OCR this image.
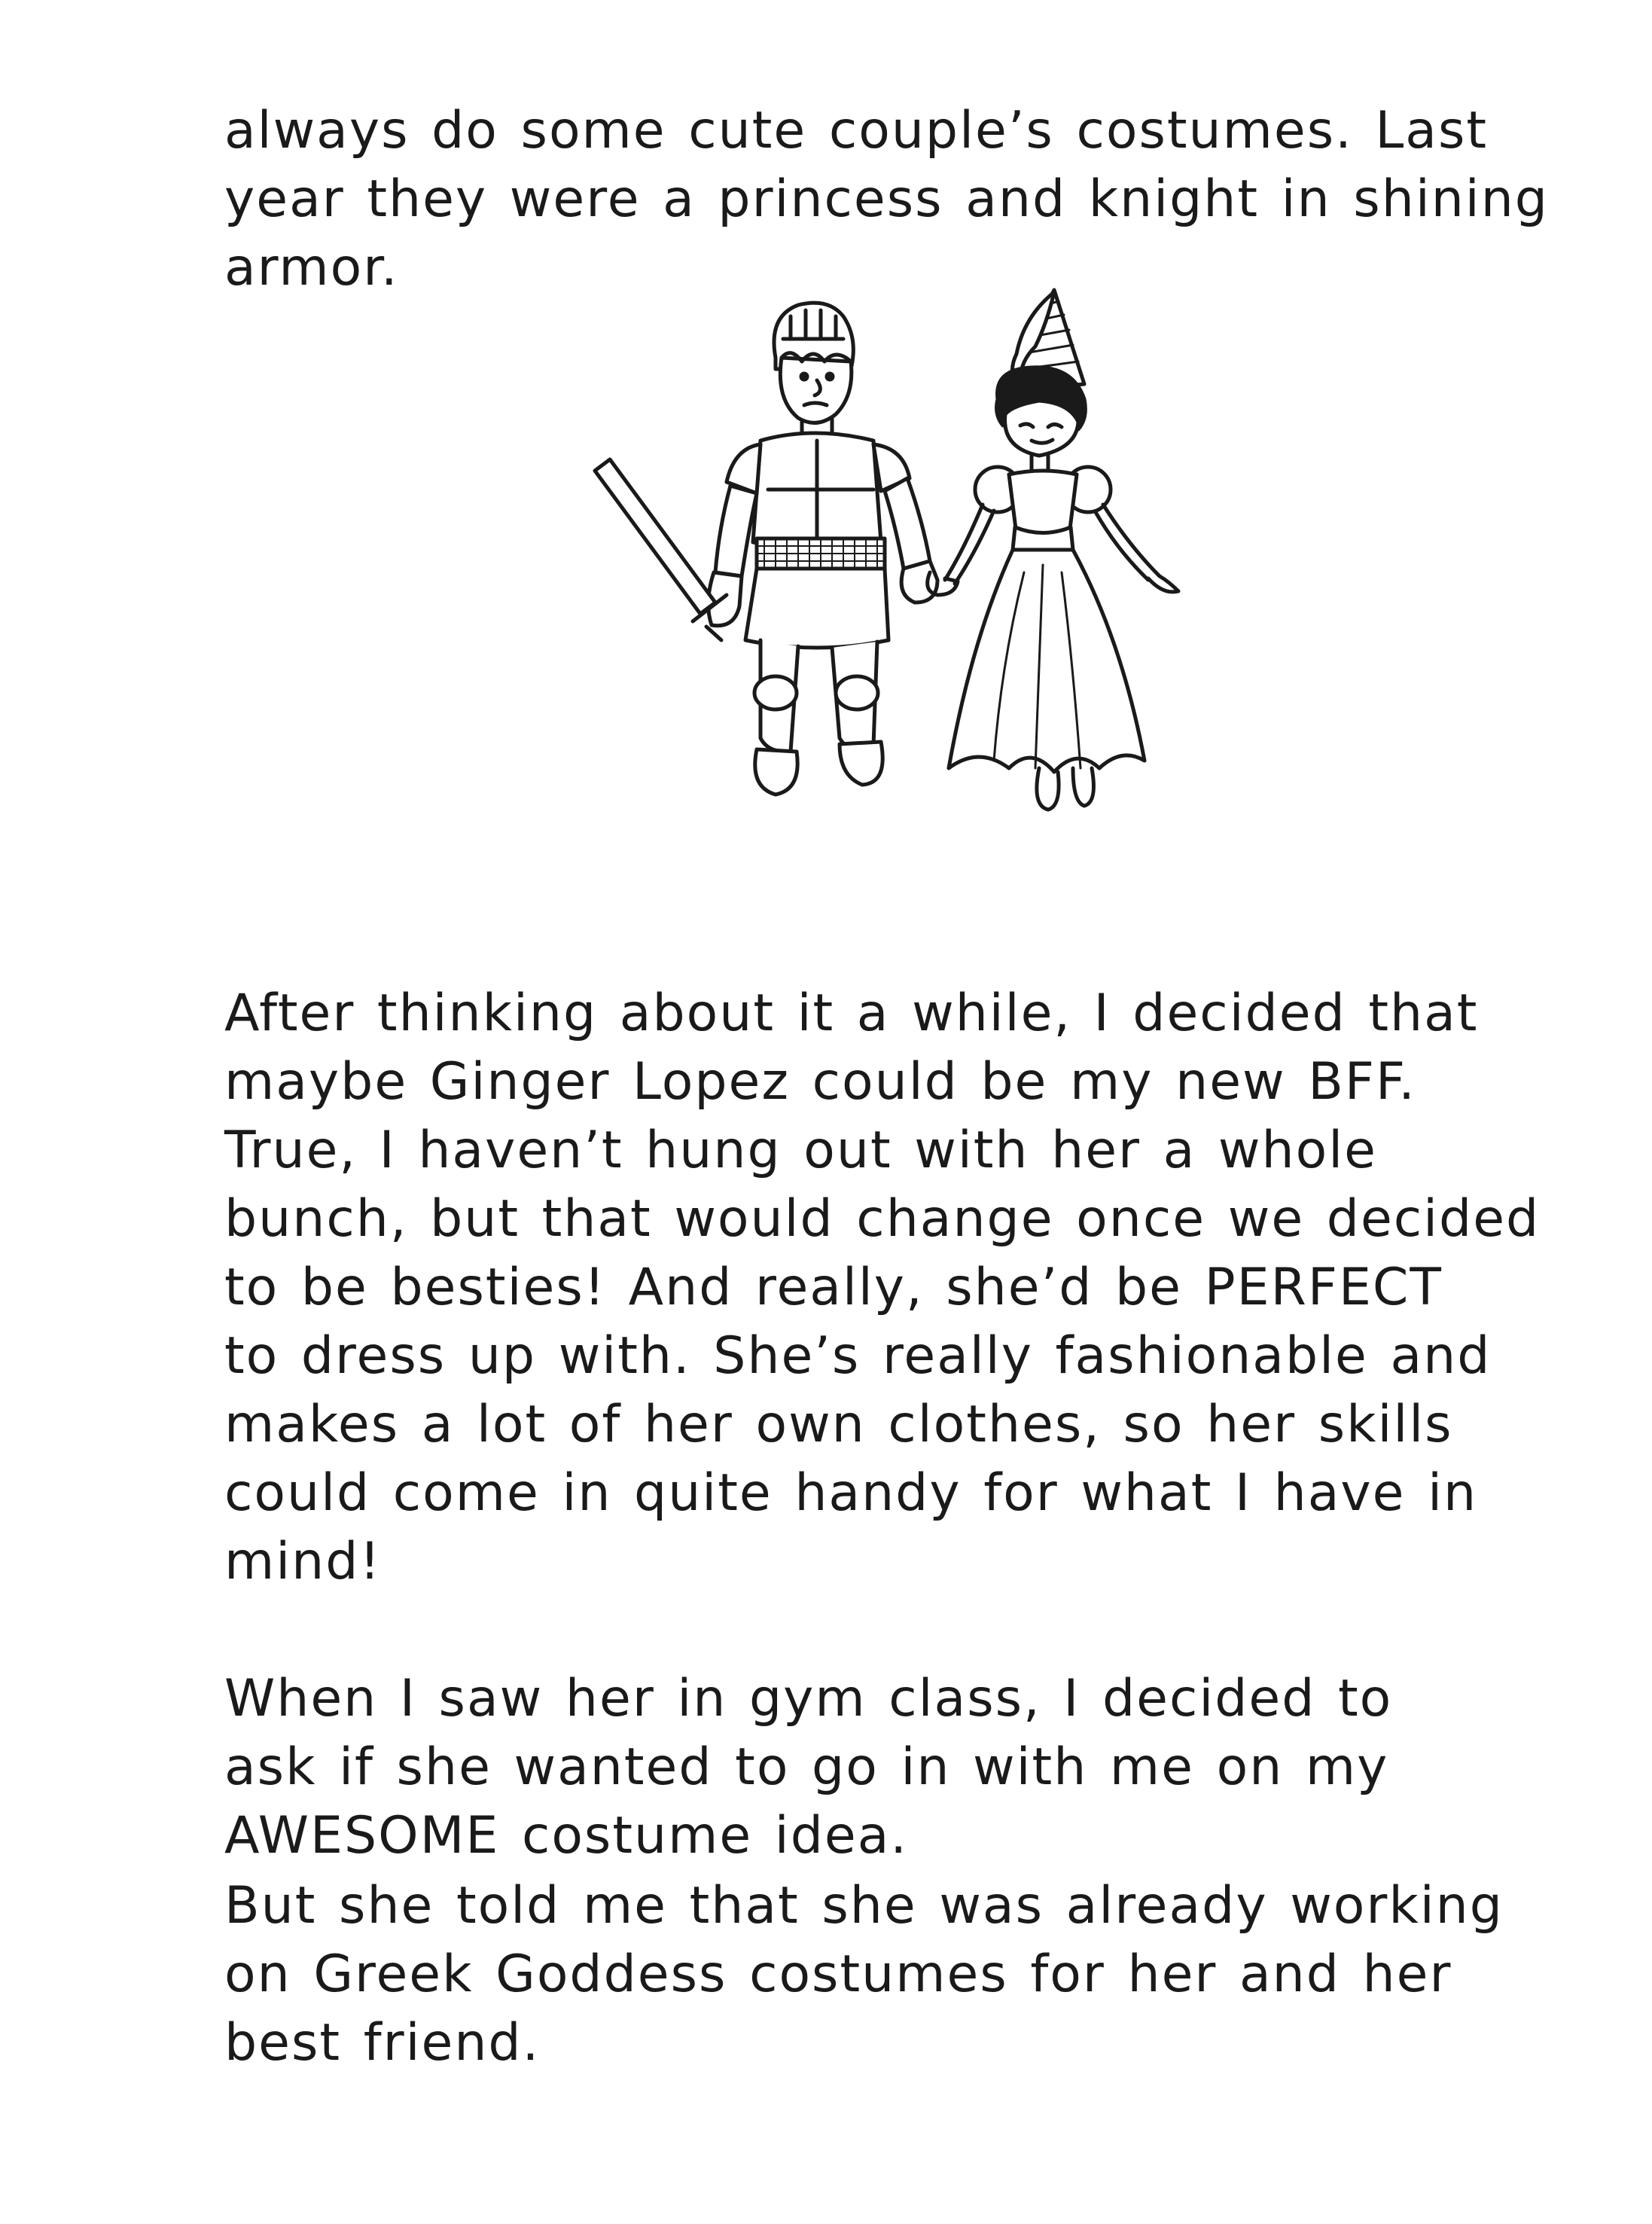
always do some cute couple’s costumes. Last
year they were a princess and knight in shining
armor.

After thinking about it a while, I decided that
maybe Ginger Lopez could be my new BFF.
True, I haven’t hung out with her a whole
bunch, but that would change once we decided
to be besties! And really, she’d be PERFECT
to dress up with. She’s really fashionable and
makes a lot of her own clothes, so her skills
could come in quite handy for what I have in
mind!

When I saw her in gym class, I decided to
ask if she wanted to go in with me on my
AWESOME costume idea.

But she told me that she was already working
on Greek Goddess costumes for her and her
best friend.
